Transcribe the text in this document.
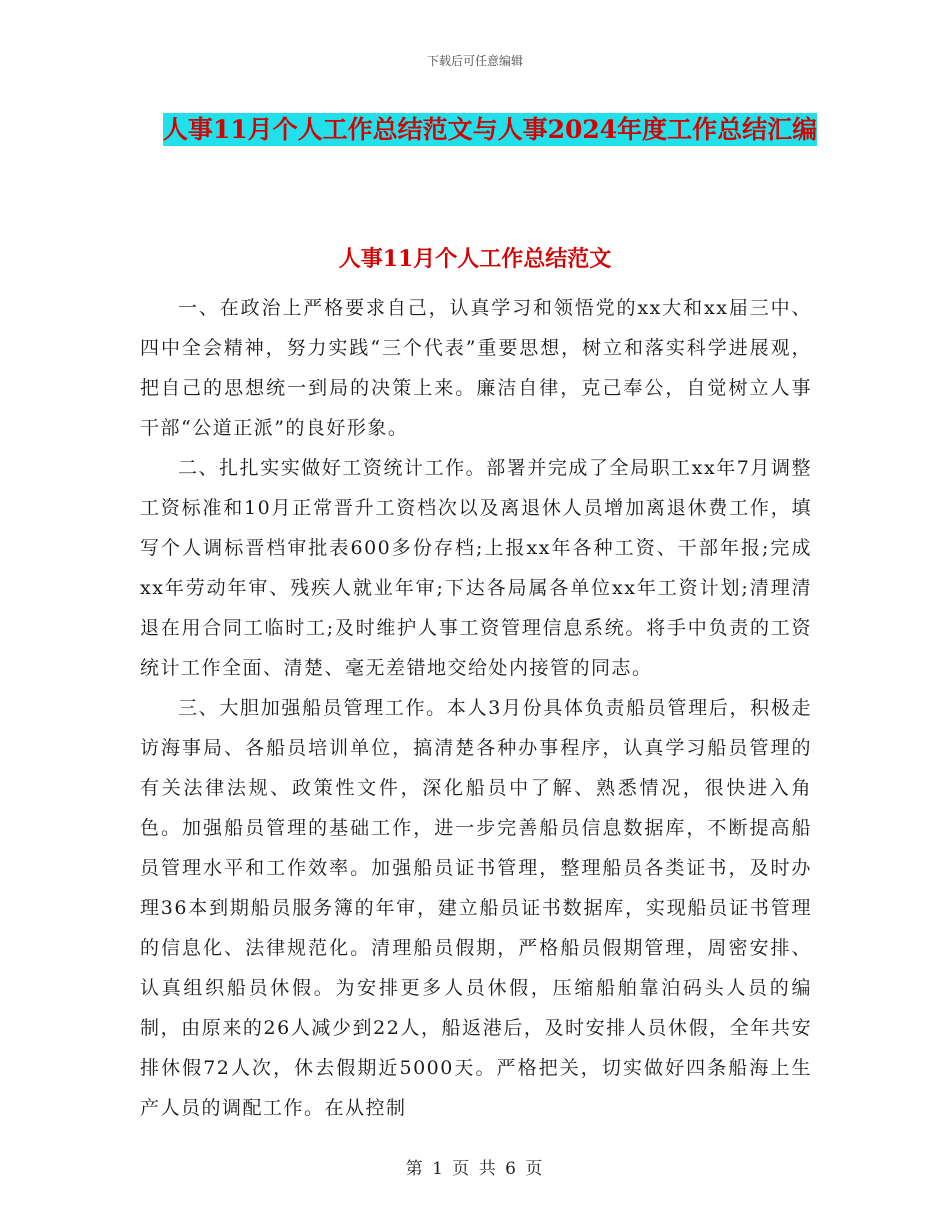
下载后可任意编辑
人事11月个人工作总结范文与人事2024年度工作总结汇编
人事11月个人工作总结范文

一、在政治上严格要求自己，认真学习和领悟党的xx大和xx届三中、四中全会精神，努力实践“三个代表”重要思想，树立和落实科学进展观，把自己的思想统一到局的决策上来。廉洁自律，克己奉公，自觉树立人事干部“公道正派”的良好形象。

二、扎扎实实做好工资统计工作。部署并完成了全局职工xx年7月调整工资标准和10月正常晋升工资档次以及离退休人员增加离退休费工作，填写个人调标晋档审批表600多份存档;上报xx年各种工资、干部年报;完成xx年劳动年审、残疾人就业年审;下达各局属各单位xx年工资计划;清理清退在用合同工临时工;及时维护人事工资管理信息系统。将手中负责的工资统计工作全面、清楚、毫无差错地交给处内接管的同志。

三、大胆加强船员管理工作。本人3月份具体负责船员管理后，积极走访海事局、各船员培训单位，搞清楚各种办事程序，认真学习船员管理的有关法律法规、政策性文件，深化船员中了解、熟悉情况，很快进入角色。加强船员管理的基础工作，进一步完善船员信息数据库，不断提高船员管理水平和工作效率。加强船员证书管理，整理船员各类证书，及时办理36本到期船员服务簿的年审，建立船员证书数据库，实现船员证书管理的信息化、法律规范化。清理船员假期，严格船员假期管理，周密安排、认真组织船员休假。为安排更多人员休假，压缩船舶靠泊码头人员的编制，由原来的26人减少到22人，船返港后，及时安排人员休假，全年共安排休假72人次，休去假期近5000天。严格把关，切实做好四条船海上生产人员的调配工作。在从控制

第 1 页 共 6 页
